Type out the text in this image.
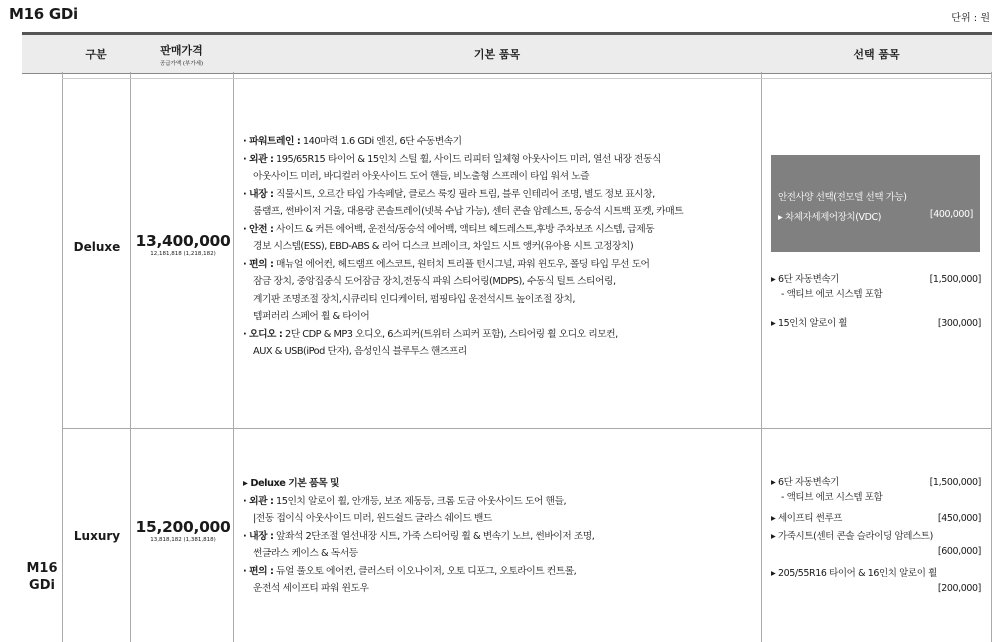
M16 GDi	단위 : 원
구분	판매가격
공급가액 (부가세)
기본 품목	선택 품목
M16 GDi
Deluxe 13,400,000
12,181,818 (1,218,182)
· 파워트레인 : 140마력 1.6 GDi 엔진, 6단 수동변속기
· 외관 : 195/65R15 타이어 & 15인치 스틸 휠, 사이드 리피터 일체형 아웃사이드 미러, 열선 내장 전동식
아웃사이드 미러, 바디컬러 아웃사이드 도어 핸들, 비노출형 스프레이 타입 워셔 노즐
· 내장 : 직물시트, 오르간 타입 가속페달, 클로스 룩킹 필라 트림, 블루 인테리어 조명, 별도 정보 표시창,
룸램프, 썬바이저 거울, 대용량 콘솔트레이(넷북 수납 가능), 센터 콘솔 암레스트, 동승석 시트백 포켓, 카매트
· 안전 : 사이드 & 커튼 에어백, 운전석/동승석 에어백, 액티브 헤드레스트,후방 주차보조 시스템, 급제동
경보 시스템(ESS), EBD-ABS & 리어 디스크 브레이크, 차일드 시트 앵커(유아용 시트 고정장치)
· 편의 : 매뉴얼 에어컨, 헤드램프 에스코트, 원터치 트리플 턴시그널, 파워 윈도우, 폴딩 타입 무선 도어
잠금 장치, 중앙집중식 도어잠금 장치,전동식 파워 스티어링(MDPS), 수동식 틸트 스티어링,
계기판 조명조절 장치,시큐리티 인디케이터, 펌핑타입 운전석시트 높이조절 장치,
템퍼러리 스페어 휠 & 타이어
· 오디오 : 2단 CDP & MP3 오디오, 6스피커(트위터 스피커 포함), 스티어링 휠 오디오 리모컨,
AUX & USB(iPod 단자), 음성인식 블루투스 핸즈프리
안전사양 선택(전모델 선택 가능)
▸ 차체자세제어장치(VDC)	[400,000]
▸ 6단 자동변속기	[1,500,000]
- 액티브 에코 시스템 포함
▸ 15인치 알로이 휠	[300,000]
Luxury 15,200,000
13,818,182 (1,381,818)
▸ Deluxe 기본 품목 및
· 외관 : 15인치 알로이 휠, 안개등, 보조 제동등, 크롬 도금 아웃사이드 도어 핸들,
|전동 접이식 아웃사이드 미러, 윈드쉴드 글라스 쉐이드 밴드
· 내장 : 앞좌석 2단조절 열선내장 시트, 가죽 스티어링 휠 & 변속기 노브, 썬바이저 조명,
썬글라스 케이스 & 독서등
· 편의 : 듀얼 풀오토 에어컨, 클러스터 이오나이저, 오토 디포그, 오토라이트 컨트롤,
운전석 세이프티 파워 윈도우
▸ 6단 자동변속기	[1,500,000]
- 액티브 에코 시스템 포함
▸ 세이프티 썬루프	[450,000]
▸ 가죽시트(센터 콘솔 슬라이딩 암레스트)
[600,000]
▸ 205/55R16 타이어 & 16인치 알로이 휠
[200,000]
